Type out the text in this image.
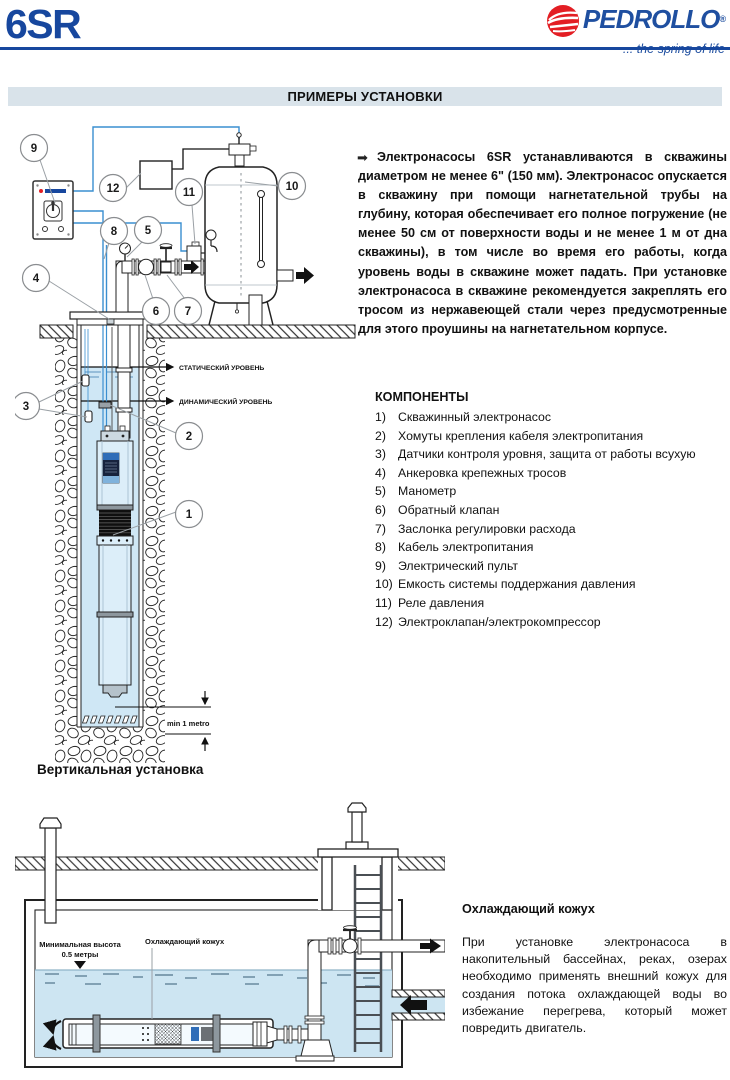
6SR	PEDROLLO®
ПРИМЕРЫ УСТАНОВКИ
➡ Электронасосы 6SR устанавливаются в скважины диаметром не менее 6" (150 мм). Электронасос опускается в скважину при помощи нагнетательной трубы на глубину, которая обеспечивает его полное погружение (не менее 50 см от поверхности воды и не менее 1 м от дна скважины), в том числе во время его работы, когда уровень воды в скважине может падать. При установке электронасоса в скважине рекомендуется закреплять его тросом из нержавеющей стали через предусмотренные для этого проушины на нагнетательном корпусе.

КОМПОНЕНТЫ
1) Скважинный электронасос
2) Хомуты крепления кабеля электропитания
3) Датчики контроля уровня, защита от работы всухую
4) Анкеровка крепежных тросов
5) Манометр
6) Обратный клапан
7) Заслонка регулировки расхода
8) Кабель электропитания
9) Электрический пульт
10) Емкость системы поддержания давления
11) Реле давления
12) Электроклапан/электрокомпрессор
СТАТИЧЕСКИЙ УРОВЕНЬ
ДИНАМИЧЕСКИЙ УРОВЕНЬ
min 1 metro
9
12	11	10
8 5
4
6 7
3
2
1
Вертикальная установка
Минимальная высота
0.5 метры
Охлаждающий кожух
Охлаждающий кожух

При установке электронасоса в накопительный бассейнах, реках, озерах необходимо применять внешний кожух для создания потока охлаждающей воды во избежание перегрева, который может повредить двигатель.
